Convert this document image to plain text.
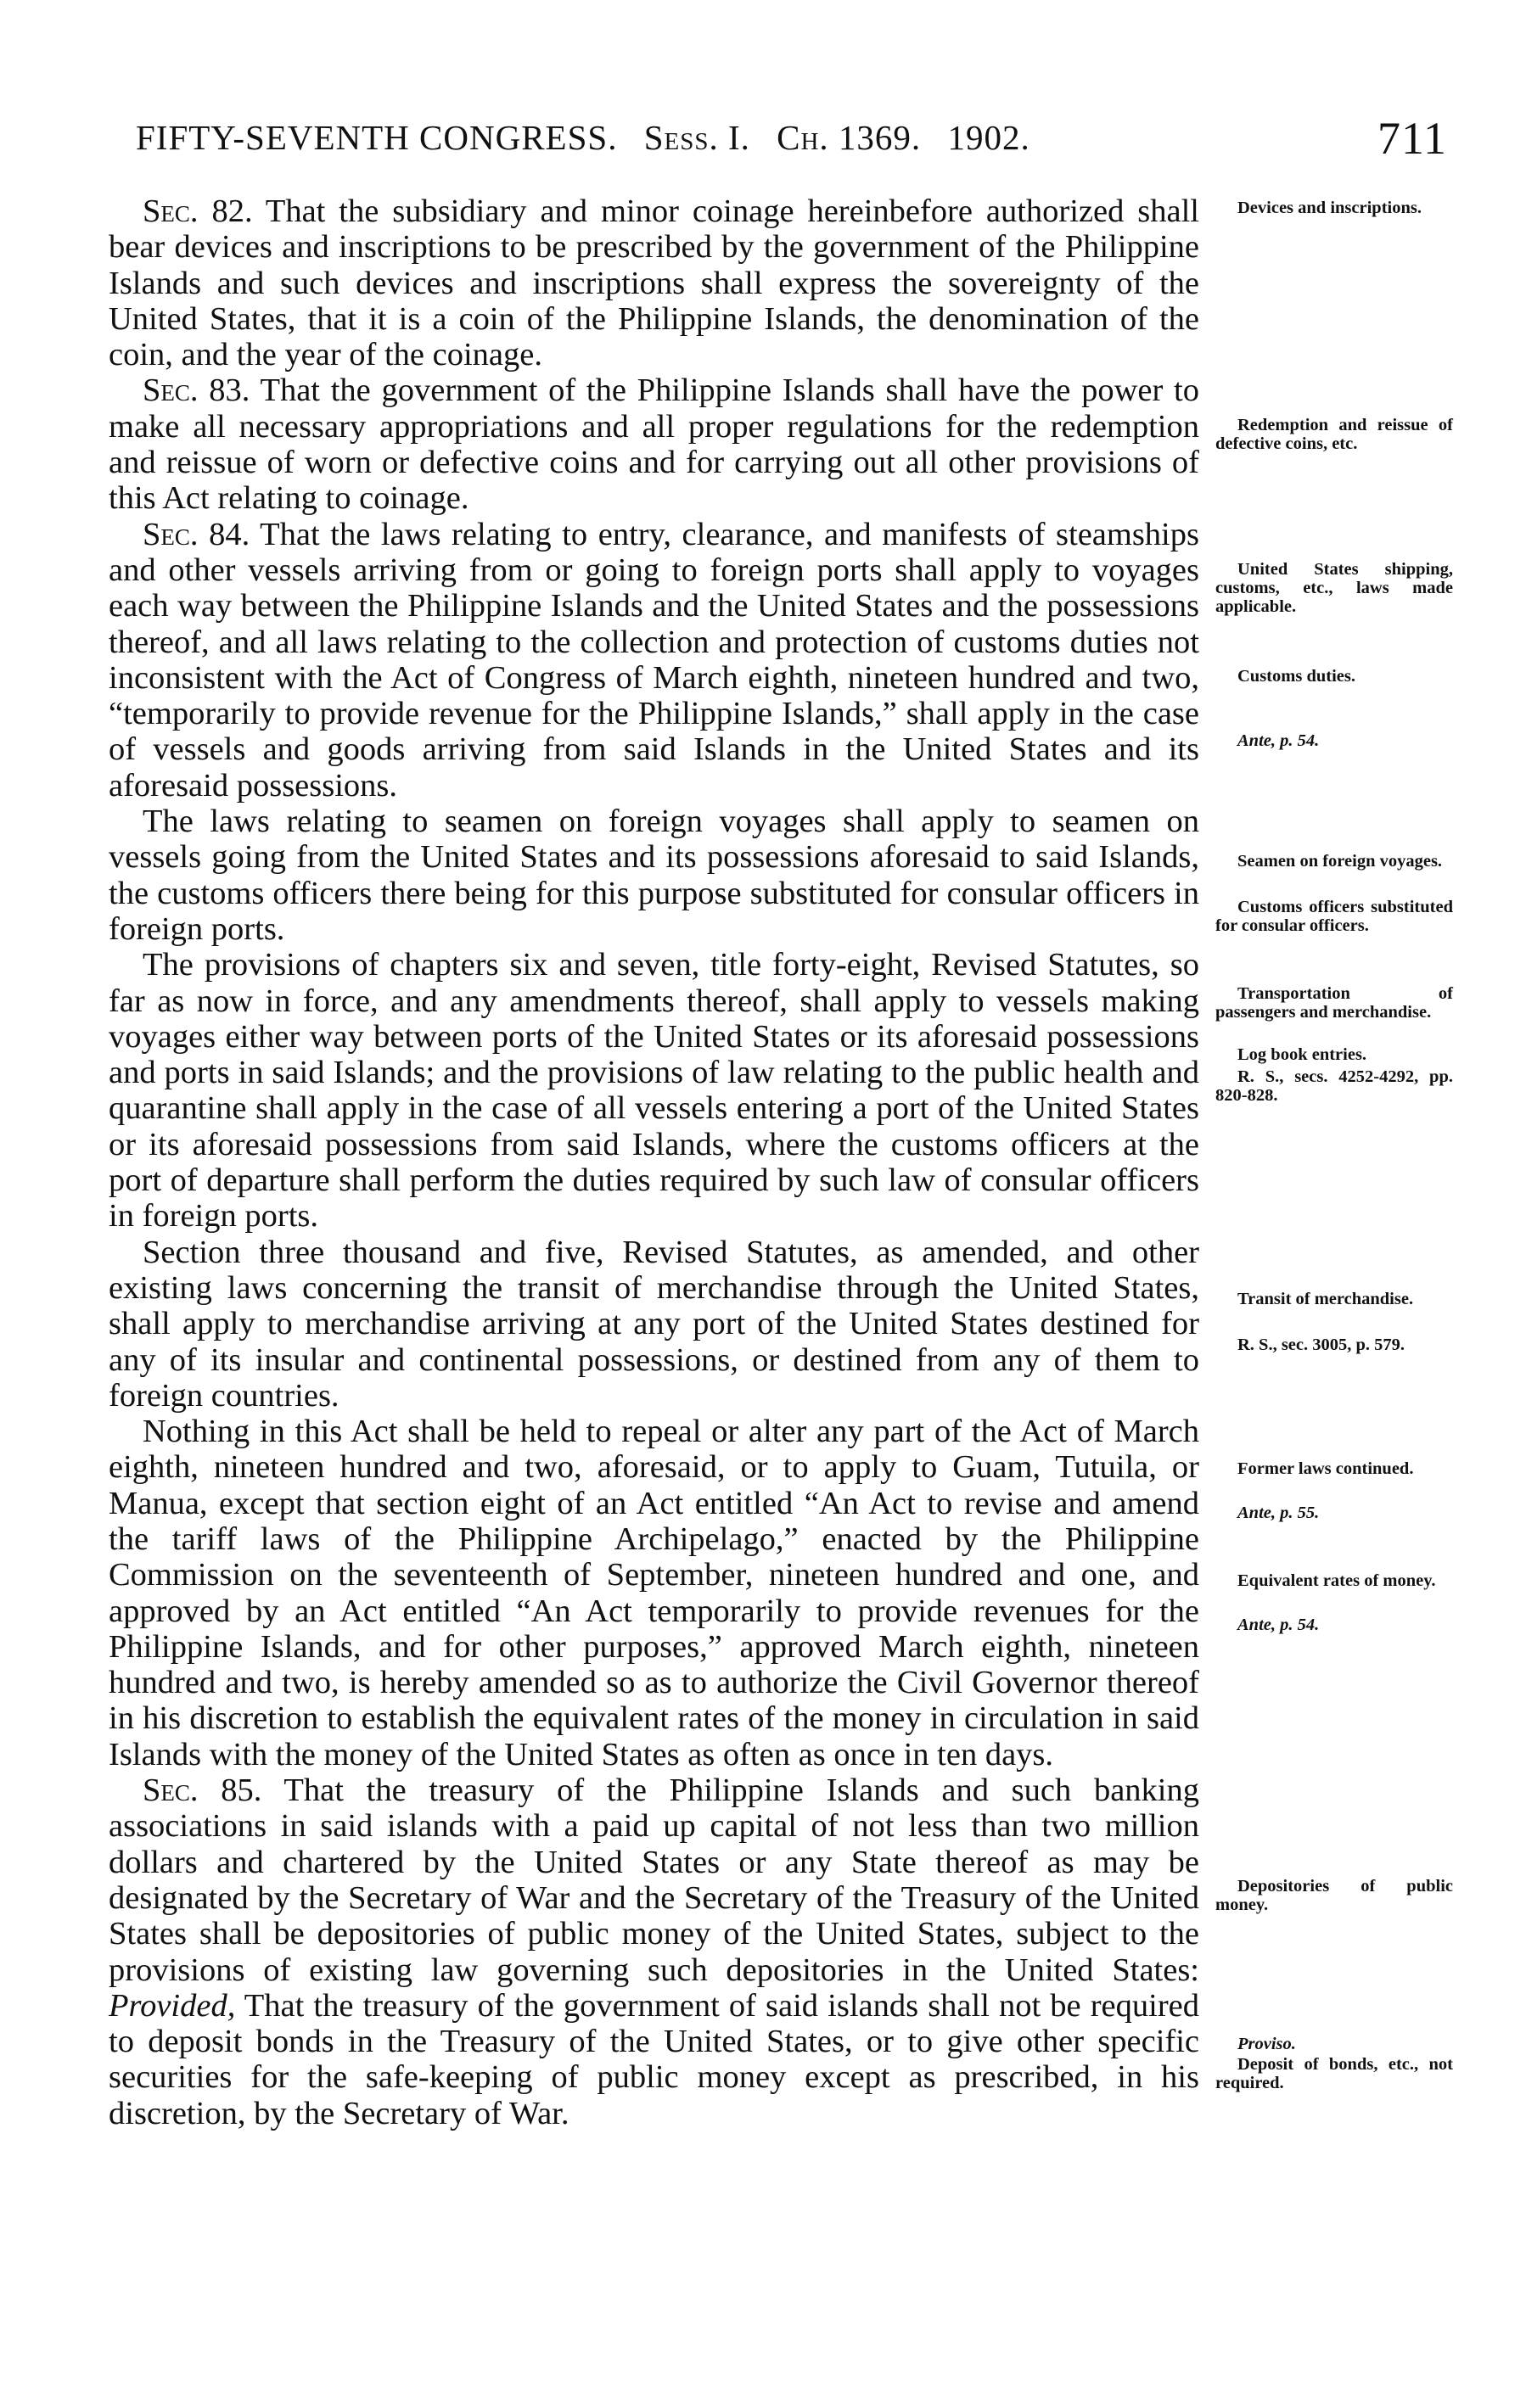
FIFTY-SEVENTH CONGRESS. Sess. I. Ch. 1369. 1902.	711

Sec. 82. That the subsidiary and minor coinage hereinbefore authorized shall bear devices and inscriptions to be prescribed by the government of the Philippine Islands and such devices and inscriptions shall express the sovereignty of the United States, that it is a coin of the Philippine Islands, the denomination of the coin, and the year of the coinage.

Sec. 83. That the government of the Philippine Islands shall have the power to make all necessary appropriations and all proper regulations for the redemption and reissue of worn or defective coins and for carrying out all other provisions of this Act relating to coinage.

Sec. 84. That the laws relating to entry, clearance, and manifests of steamships and other vessels arriving from or going to foreign ports shall apply to voyages each way between the Philippine Islands and the United States and the possessions thereof, and all laws relating to the collection and protection of customs duties not inconsistent with the Act of Congress of March eighth, nineteen hundred and two, “temporarily to provide revenue for the Philippine Islands,” shall apply in the case of vessels and goods arriving from said Islands in the United States and its aforesaid possessions.

The laws relating to seamen on foreign voyages shall apply to seamen on vessels going from the United States and its possessions aforesaid to said Islands, the customs officers there being for this purpose substituted for consular officers in foreign ports.

The provisions of chapters six and seven, title forty-eight, Revised Statutes, so far as now in force, and any amendments thereof, shall apply to vessels making voyages either way between ports of the United States or its aforesaid possessions and ports in said Islands; and the provisions of law relating to the public health and quarantine shall apply in the case of all vessels entering a port of the United States or its aforesaid possessions from said Islands, where the customs officers at the port of departure shall perform the duties required by such law of consular officers in foreign ports.

Section three thousand and five, Revised Statutes, as amended, and other existing laws concerning the transit of merchandise through the United States, shall apply to merchandise arriving at any port of the United States destined for any of its insular and continental possessions, or destined from any of them to foreign countries.

Nothing in this Act shall be held to repeal or alter any part of the Act of March eighth, nineteen hundred and two, aforesaid, or to apply to Guam, Tutuila, or Manua, except that section eight of an Act entitled “An Act to revise and amend the tariff laws of the Philippine Archipelago,” enacted by the Philippine Commission on the seventeenth of September, nineteen hundred and one, and approved by an Act entitled “An Act temporarily to provide revenues for the Philippine Islands, and for other purposes,” approved March eighth, nineteen hundred and two, is hereby amended so as to authorize the Civil Governor thereof in his discretion to establish the equivalent rates of the money in circulation in said Islands with the money of the United States as often as once in ten days.

Sec. 85. That the treasury of the Philippine Islands and such banking associations in said islands with a paid up capital of not less than two million dollars and chartered by the United States or any State thereof as may be designated by the Secretary of War and the Secretary of the Treasury of the United States shall be depositories of public money of the United States, subject to the provisions of existing law governing such depositories in the United States: Provided, That the treasury of the government of said islands shall not be required to deposit bonds in the Treasury of the United States, or to give other specific securities for the safe-keeping of public money except as prescribed, in his discretion, by the Secretary of War.

Devices and inscriptions.
Redemption and reissue of defective coins, etc.
United States shipping, customs, etc., laws made applicable.
Customs duties.
Ante, p. 54.
Seamen on foreign voyages.
Customs officers substituted for consular officers.
Transportation of passengers and merchandise.
Log book entries.
R. S., secs. 4252-4292, pp. 820-828.
Transit of merchandise.
R. S., sec. 3005, p. 579.
Former laws continued.
Ante, p. 55.
Equivalent rates of money.
Ante, p. 54.
Depositories of public money.
Proviso.
Deposit of bonds, etc., not required.
